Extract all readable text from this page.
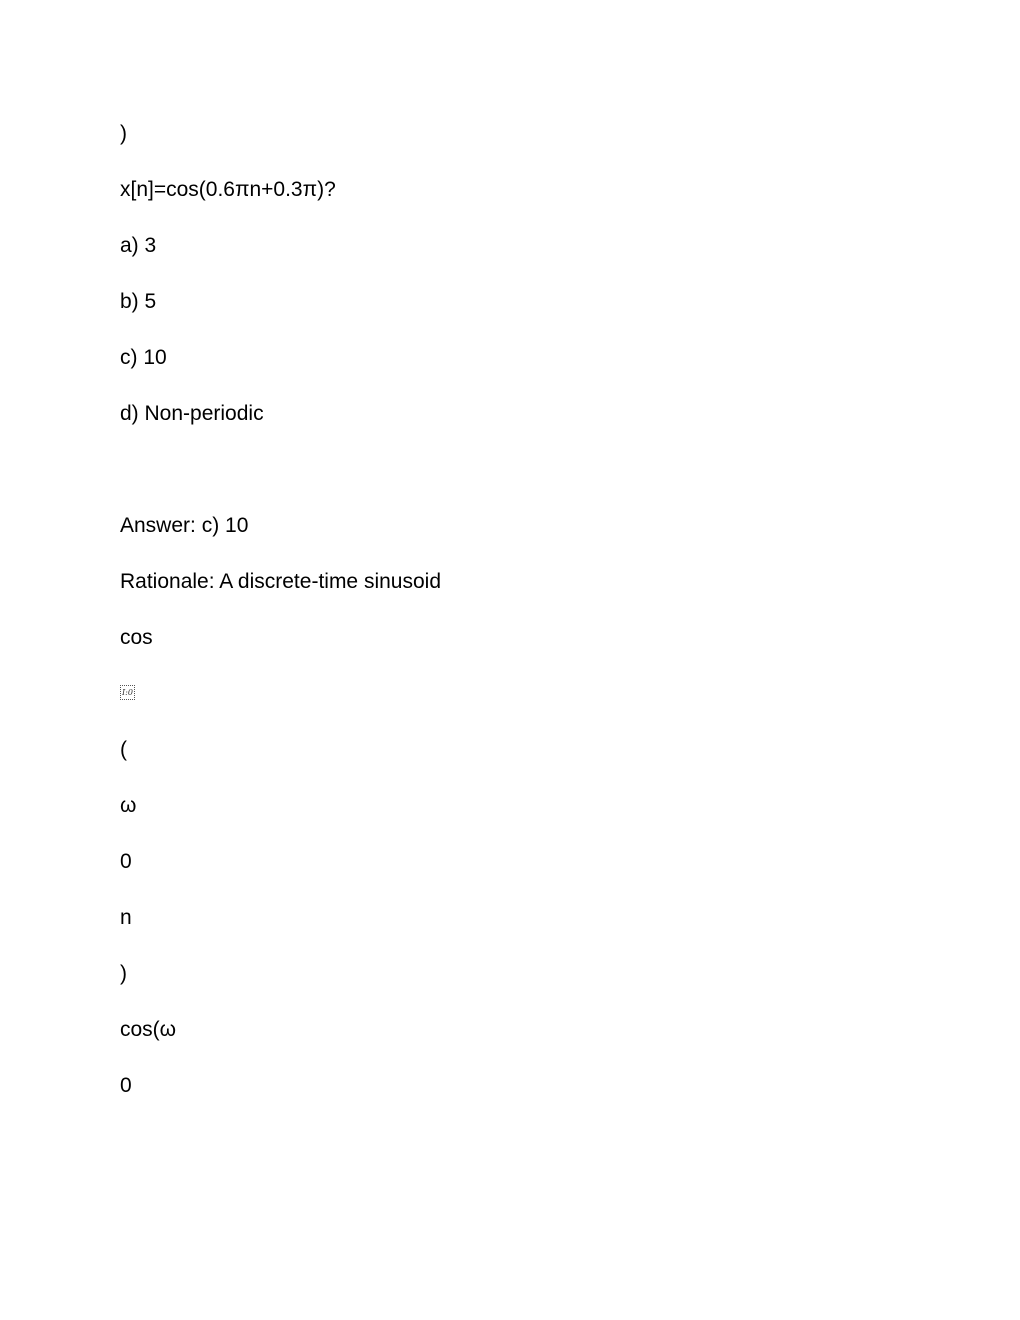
)
x[n]=cos(0.6πn+0.3π)?
a) 3
b) 5
c) 10
d) Non-periodic
Answer: c) 10
Rationale: A discrete-time sinusoid
cos
I:0
(
ω
0
n
)
cos(ω
0
